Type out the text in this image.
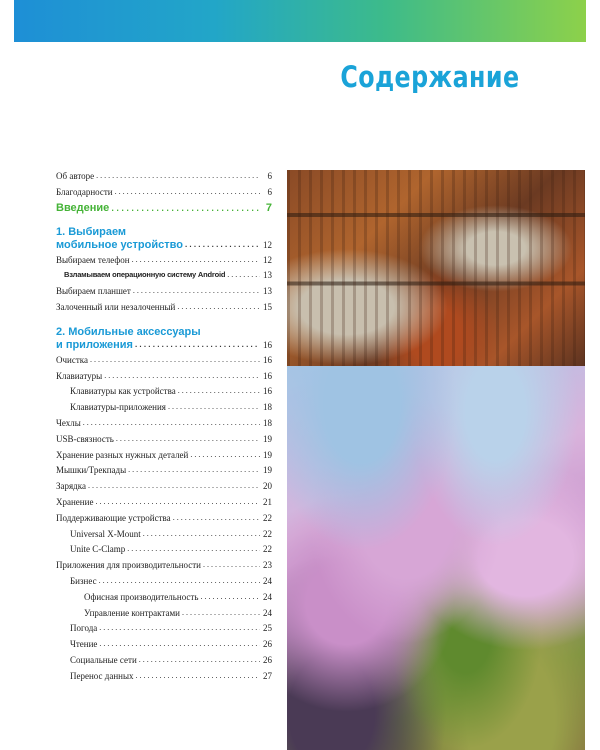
Содержание
Об авторе . . .	6
Благодарности . . .	6
Введение . . .	7
1. Выбираем
мобильное устройство . . .	12
Выбираем телефон . . .	12
Взламываем операционную систему Android . . .	13
Выбираем планшет . . .	13
Залоченный или незалоченный . . .	15
2. Мобильные аксессуары
и приложения . . .	16
Очистка . . .	16
Клавиатуры . . .	16
Клавиатуры как устройства . . .	16
Клавиатуры-приложения . . .	18
Чехлы . . .	18
USB-связность . . .	19
Хранение разных нужных деталей . . .	19
Мышки/Трекпады . . .	19
Зарядка . . .	20
Хранение . . .	21
Поддерживающие устройства . . .	22
Universal X-Mount . . .	22
Unite C-Clamp . . .	22
Приложения для производительности . . .	23
Бизнес . . .	24
Офисная производительность . . .	24
Управление контрактами . . .	24
Погода . . .	25
Чтение . . .	26
Социальные сети . . .	26
Перенос данных . . .	27
